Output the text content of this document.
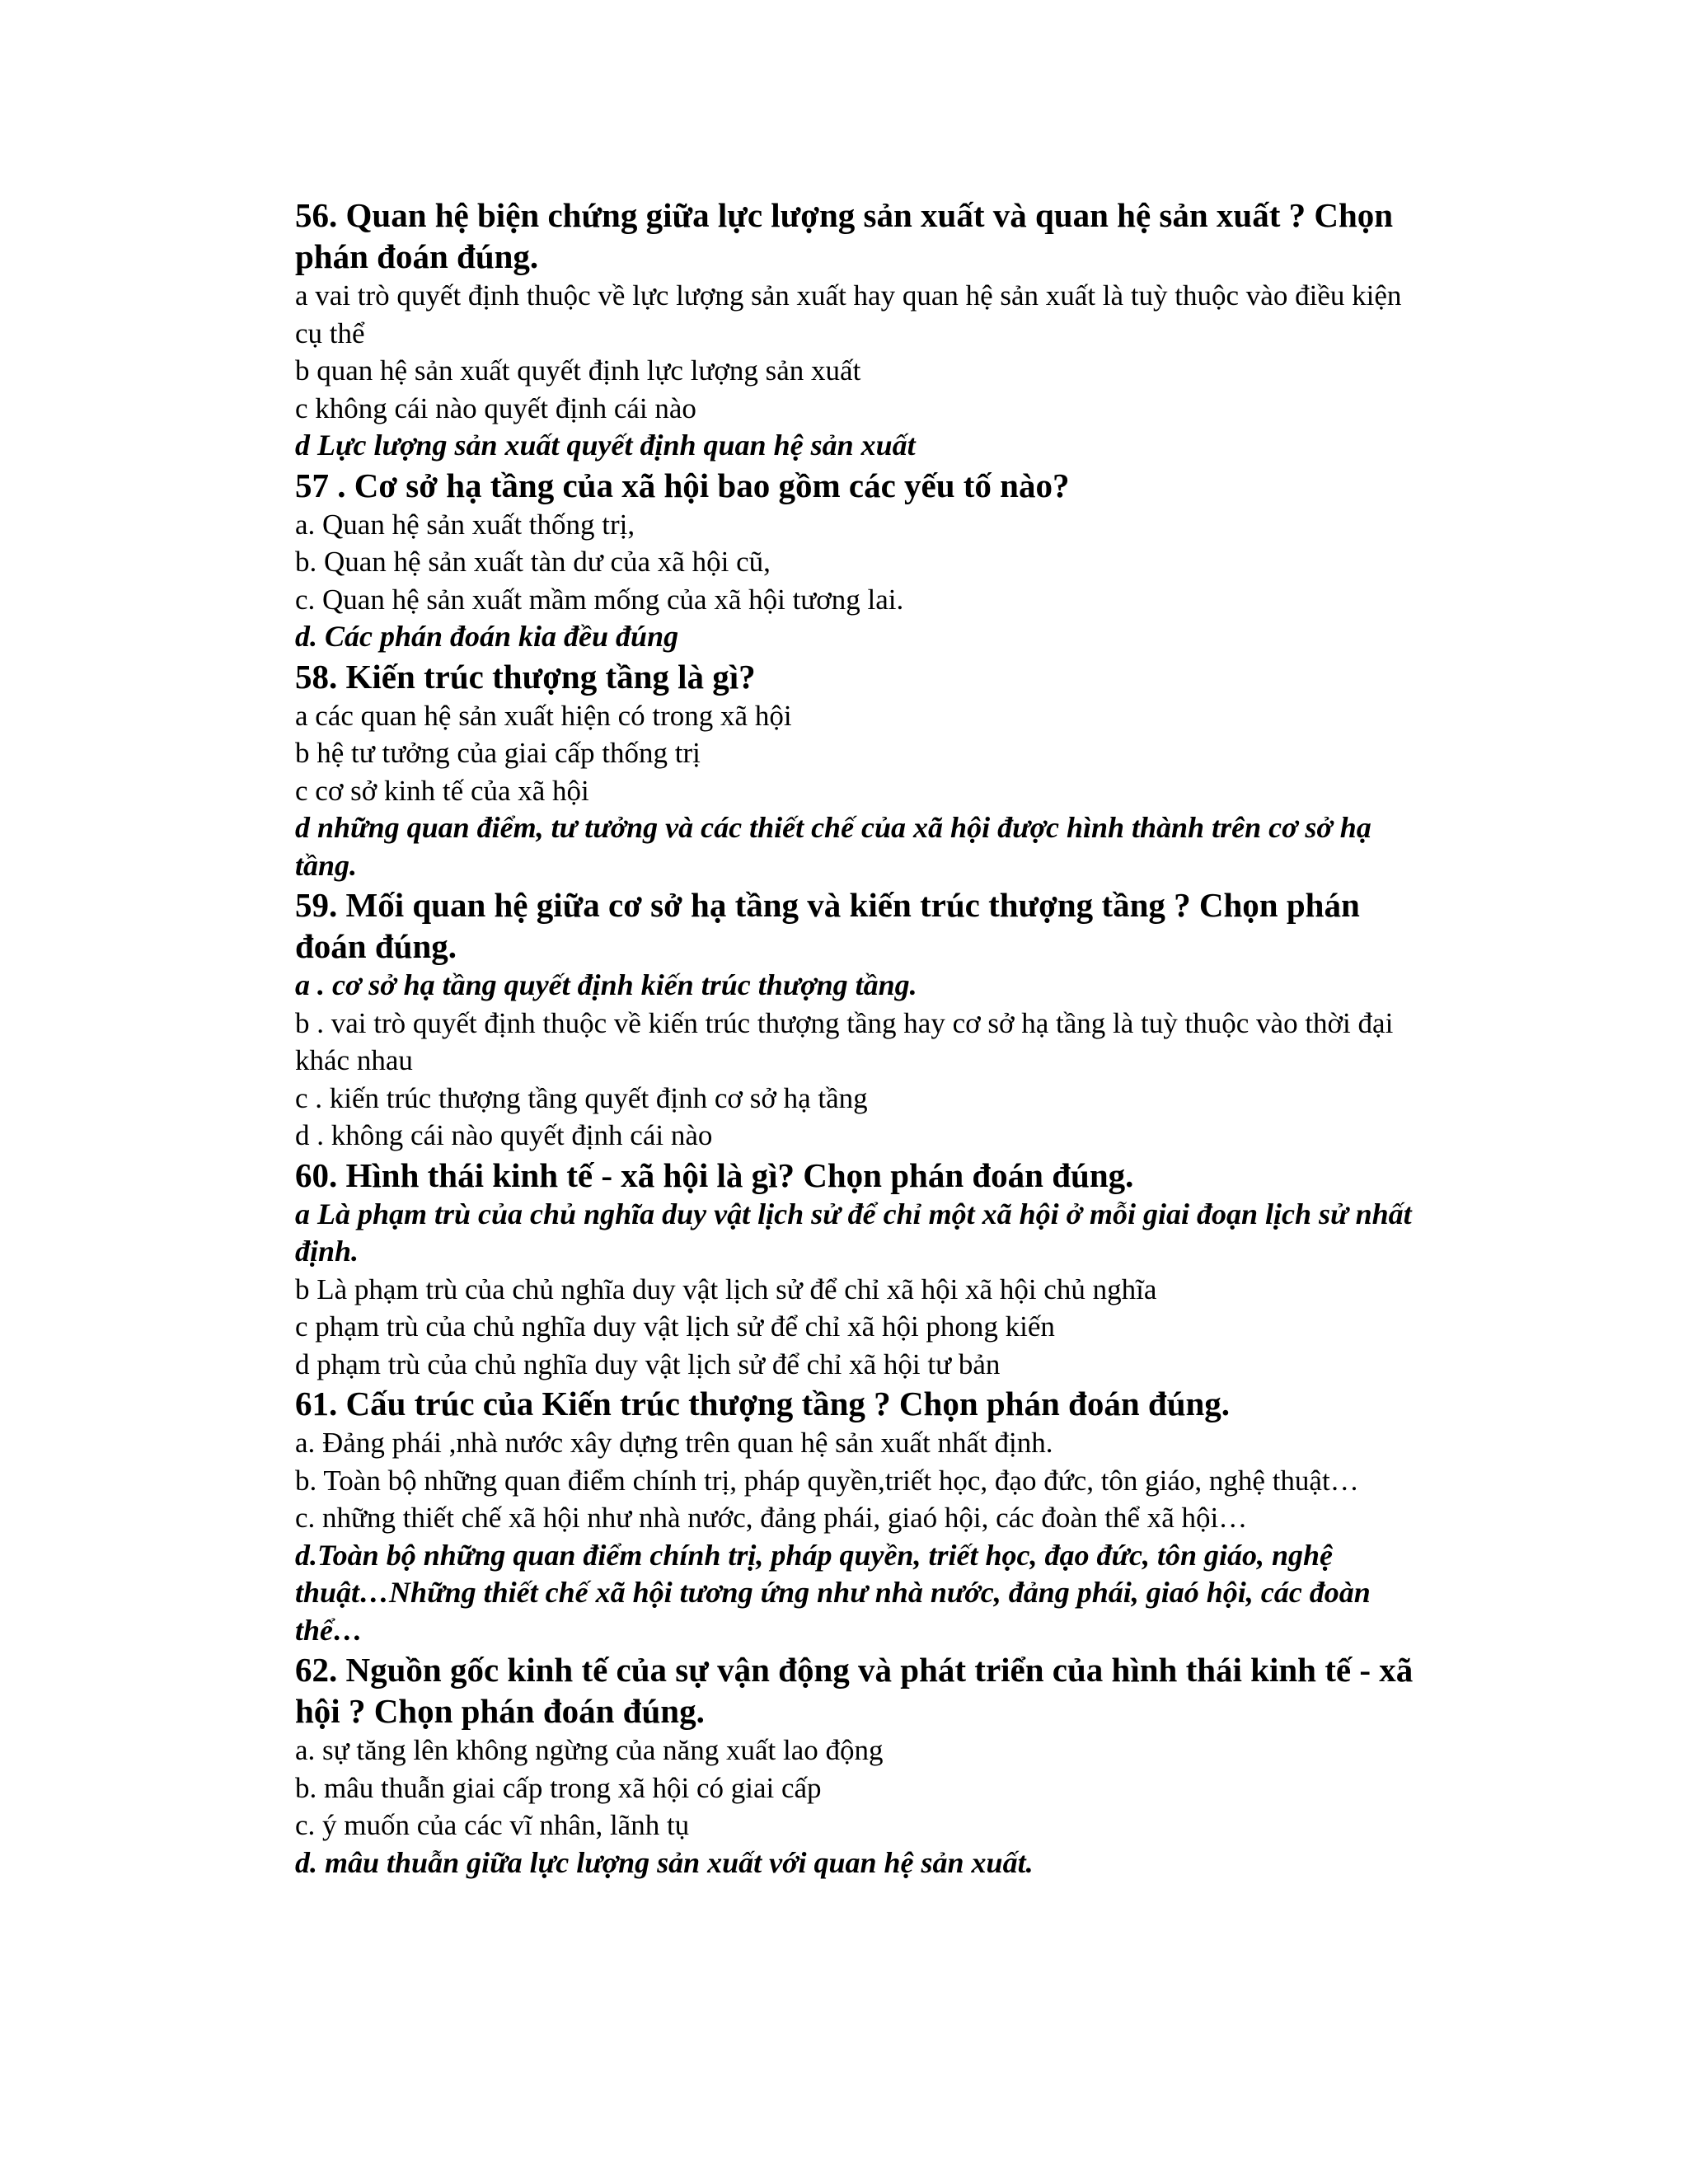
56. Quan hệ biện chứng giữa lực lượng sản xuất và quan hệ sản xuất ? Chọn phán đoán đúng.

a vai trò quyết định thuộc về lực lượng sản xuất hay quan hệ sản xuất là tuỳ thuộc vào điều kiện cụ thể

b quan hệ sản xuất quyết định lực lượng sản xuất

c không cái nào quyết định cái nào

d Lực lượng sản xuất quyết định quan hệ sản xuất

57 . Cơ sở hạ tầng của xã hội bao gồm các yếu tố nào?

a. Quan hệ sản xuất thống trị,

b. Quan hệ sản xuất tàn dư của xã hội cũ,

c. Quan hệ sản xuất mầm mống của xã hội tương lai.

d. Các phán đoán kia đều đúng

58. Kiến trúc thượng tầng là gì?

a các quan hệ sản xuất hiện có trong xã hội

b hệ tư tưởng của giai cấp thống trị

c cơ sở kinh tế của xã hội

d những quan điểm, tư tưởng và các thiết chế của xã hội được hình thành trên cơ sở hạ tầng.

59. Mối quan hệ giữa cơ sở hạ tầng và kiến trúc thượng tầng ? Chọn phán đoán đúng.

a . cơ sở hạ tầng quyết định kiến trúc thượng tầng.

b . vai trò quyết định thuộc về kiến trúc thượng tầng hay cơ sở hạ tầng là tuỳ thuộc vào thời đại khác nhau

c . kiến trúc thượng tầng quyết định cơ sở hạ tầng

d . không cái nào quyết định cái nào

60. Hình thái kinh tế - xã hội là gì? Chọn phán đoán đúng.

a Là phạm trù của chủ nghĩa duy vật lịch sử để chỉ một xã hội ở mỗi giai đoạn lịch sử nhất định.

b Là phạm trù của chủ nghĩa duy vật lịch sử để chỉ xã hội xã hội chủ nghĩa

c phạm trù của chủ nghĩa duy vật lịch sử để chỉ xã hội phong kiến

d phạm trù của chủ nghĩa duy vật lịch sử để chỉ xã hội tư bản

61. Cấu trúc của Kiến trúc thượng tầng ? Chọn phán đoán đúng.

a. Đảng phái ,nhà nước xây dựng trên quan hệ sản xuất nhất định.

b. Toàn bộ những quan điểm chính trị, pháp quyền,triết học, đạo đức, tôn giáo, nghệ thuật…

c. những thiết chế xã hội như nhà nước, đảng phái, giaó hội, các đoàn thể xã hội…

d.Toàn bộ những quan điểm chính trị, pháp quyền, triết học, đạo đức, tôn giáo, nghệ thuật…Những thiết chế xã hội tương ứng như nhà nước, đảng phái, giaó hội, các đoàn thể…

62. Nguồn gốc kinh tế của sự vận động và phát triển của hình thái kinh tế - xã hội ? Chọn phán đoán đúng.

a. sự tăng lên không ngừng của năng xuất lao động

b. mâu thuẫn giai cấp trong xã hội có giai cấp

c. ý muốn của các vĩ nhân, lãnh tụ

d. mâu thuẫn giữa lực lượng sản xuất với quan hệ sản xuất.
